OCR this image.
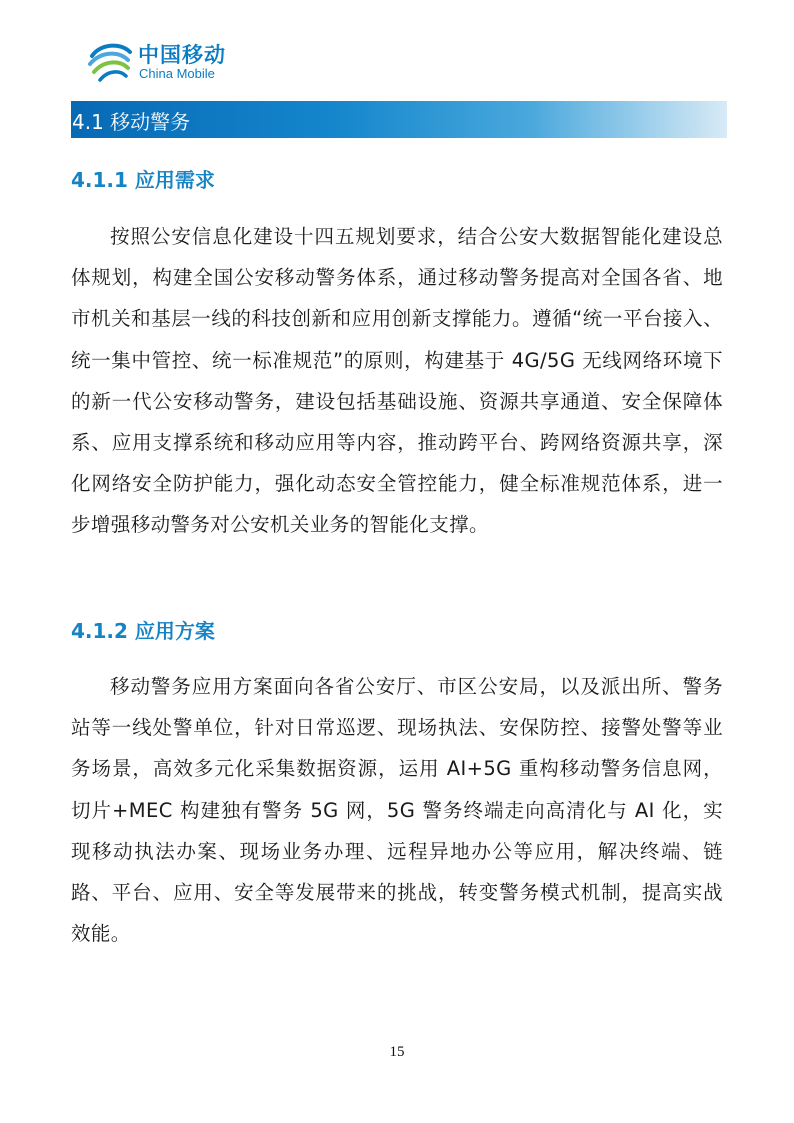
中国移动
China Mobile
4.1 移动警务
4.1.1 应用需求
按照公安信息化建设十四五规划要求，结合公安大数据智能化建设总体规划，构建全国公安移动警务体系，通过移动警务提高对全国各省、地市机关和基层一线的科技创新和应用创新支撑能力。遵循“统一平台接入、统一集中管控、统一标准规范”的原则，构建基于 4G/5G 无线网络环境下的新一代公安移动警务，建设包括基础设施、资源共享通道、安全保障体系、应用支撑系统和移动应用等内容，推动跨平台、跨网络资源共享，深化网络安全防护能力，强化动态安全管控能力，健全标准规范体系，进一步增强移动警务对公安机关业务的智能化支撑。
4.1.2 应用方案
移动警务应用方案面向各省公安厅、市区公安局，以及派出所、警务站等一线处警单位，针对日常巡逻、现场执法、安保防控、接警处警等业务场景，高效多元化采集数据资源，运用 AI+5G 重构移动警务信息网，切片+MEC 构建独有警务 5G 网，5G 警务终端走向高清化与 AI 化，实现移动执法办案、现场业务办理、远程异地办公等应用，解决终端、链路、平台、应用、安全等发展带来的挑战，转变警务模式机制，提高实战效能。
15
